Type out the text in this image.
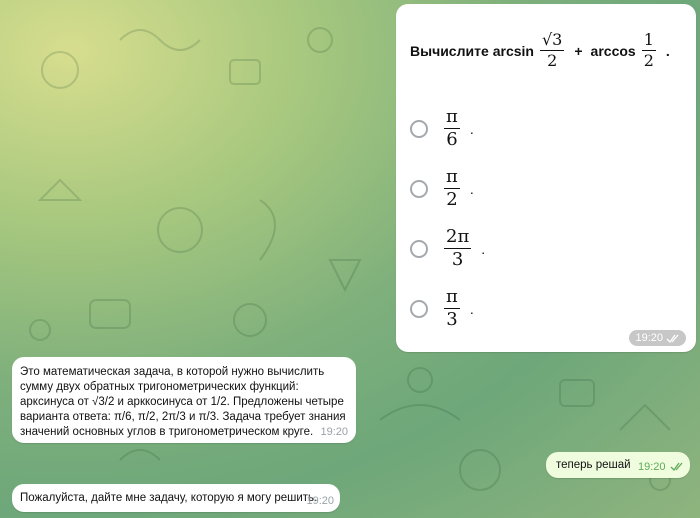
Вычислите $\arcsin \frac{√3}{2} + \arccos \frac{1}{2}$ .
$\frac{\pi}{6}$ .
$\frac{\pi}{2}$ .
$\frac{2\pi}{3}$ .
$\frac{\pi}{3}$ .
19:20
Это математическая задача, в которой нужно вычислить сумму двух обратных тригонометрических функций: арксинуса от √3/2 и арккосинуса от 1/2. Предложены четыре варианта ответа: π/6, π/2, 2π/3 и π/3. Задача требует знания значений основных углов в тригонометрическом круге. 19:20
теперь решай 19:20
Пожалуйста, дайте мне задачу, которую я могу решить.
19:20
